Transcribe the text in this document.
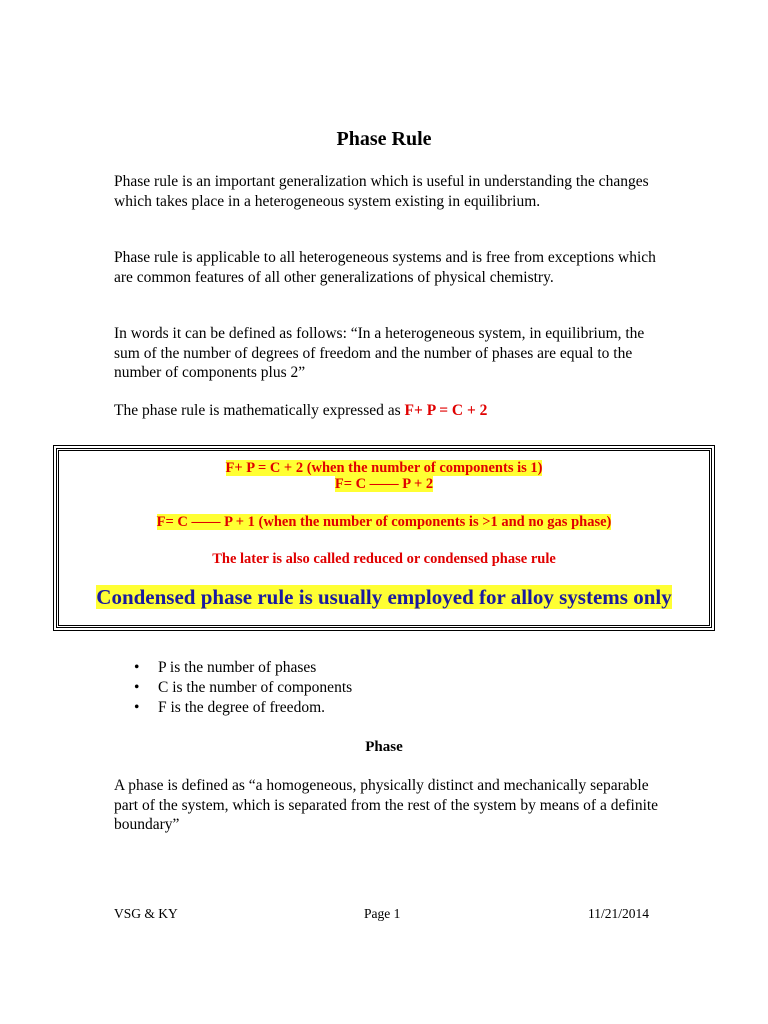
Phase Rule

Phase rule is an important generalization which is useful in understanding the changes which takes place in a heterogeneous system existing in equilibrium.

Phase rule is applicable to all heterogeneous systems and is free from exceptions which are common features of all other generalizations of physical chemistry.

In words it can be defined as follows: “In a heterogeneous system, in equilibrium, the sum of the number of degrees of freedom and the number of phases are equal to the number of components plus 2”

The phase rule is mathematically expressed as F+ P = C + 2

F+ P = C + 2 (when the number of components is 1)
F= C —— P + 2
F= C —— P + 1 (when the number of components is >1 and no gas phase)
The later is also called reduced or condensed phase rule
Condensed phase rule is usually employed for alloy systems only
• P is the number of phases
• C is the number of components
• F is the degree of freedom.
Phase

A phase is defined as “a homogeneous, physically distinct and mechanically separable part of the system, which is separated from the rest of the system by means of a definite boundary”

VSG & KY	Page 1	11/21/2014
